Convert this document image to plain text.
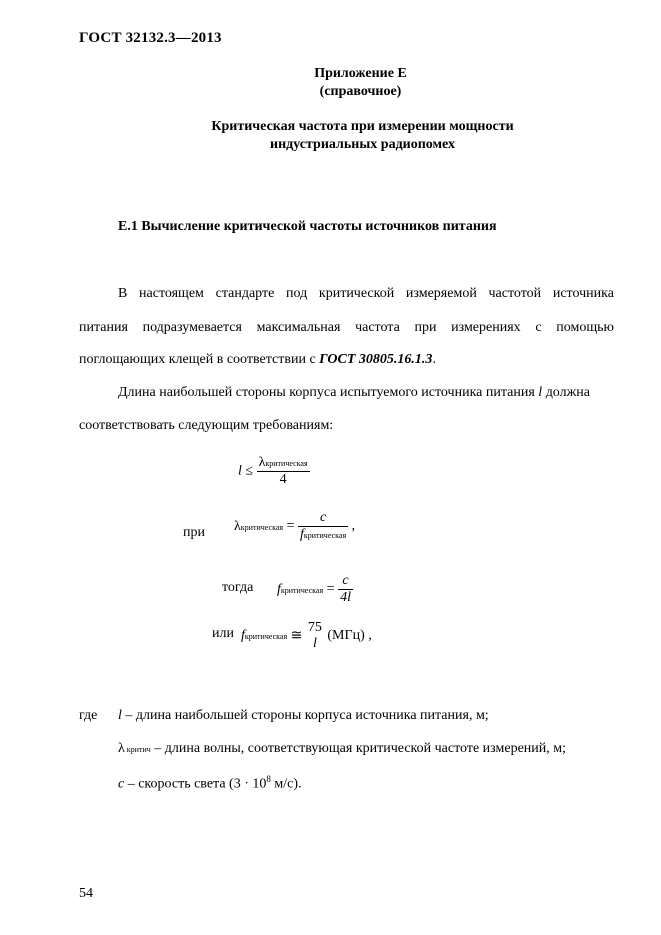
ГОСТ 32132.3—2013
Приложение Е
(справочное)
Критическая частота при измерении мощности
индустриальных радиопомех
Е.1 Вычисление критической частоты источников питания
В настоящем стандарте под критической измеряемой частотой источника
питания подразумевается максимальная частота при измерениях с помощью
поглощающих клещей в соответствии с ГОСТ 30805.16.1.3.
Длина наибольшей стороны корпуса испытуемого источника питания l должна
соответствовать следующим требованиям:
$l \le \frac{\text{λкритическая}}{4}$
при λкритическая = $\frac{c}{\text{fкритическая}}$ ,
тогда fкритическая = $\frac{c}{4l}$
или fкритическая ≅
75
l
(МГц) ,
где l – длина наибольшей стороны корпуса источника питания, м;
λ критич – длина волны, соответствующая критической частоте измерений, м;
c – скорость света ($3 \cdot 10^8$ м/с).
54
